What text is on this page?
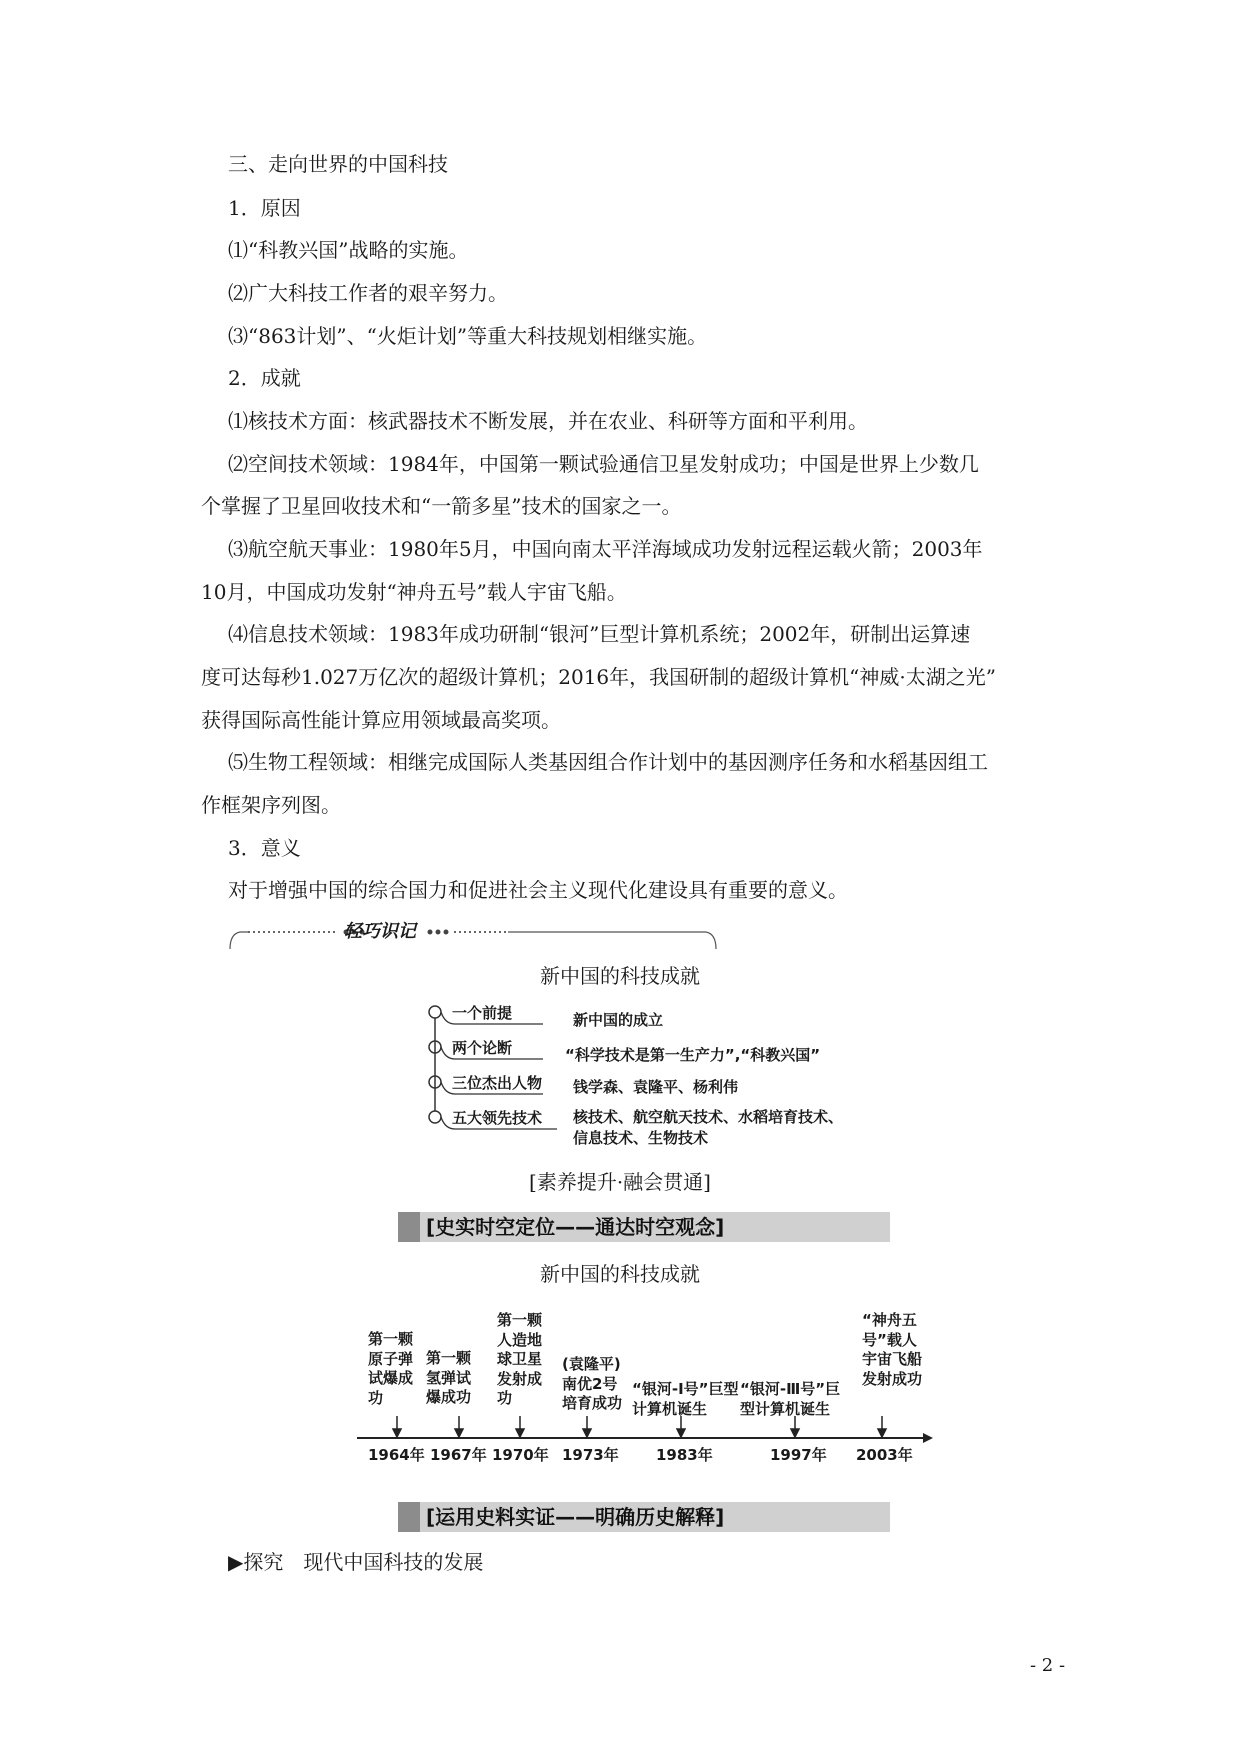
三、走向世界的中国科技
1．原因
⑴“科教兴国”战略的实施。
⑵广大科技工作者的艰辛努力。
⑶“863计划”、“火炬计划”等重大科技规划相继实施。
2．成就
⑴核技术方面：核武器技术不断发展，并在农业、科研等方面和平利用。
⑵空间技术领域：1984年，中国第一颗试验通信卫星发射成功；中国是世界上少数几
个掌握了卫星回收技术和“一箭多星”技术的国家之一。
⑶航空航天事业：1980年5月，中国向南太平洋海域成功发射远程运载火箭；2003年
10月，中国成功发射“神舟五号”载人宇宙飞船。
⑷信息技术领域：1983年成功研制“银河”巨型计算机系统；2002年，研制出运算速
度可达每秒1.027万亿次的超级计算机；2016年，我国研制的超级计算机“神威·太湖之光”
获得国际高性能计算应用领域最高奖项。
⑸生物工程领域：相继完成国际人类基因组合作计划中的基因测序任务和水稻基因组工
作框架序列图。
3．意义
对于增强中国的综合国力和促进社会主义现代化建设具有重要的意义。
轻巧识记
新中国的科技成就
一个前提
两个论断
三位杰出人物
五大领先技术
新中国的成立
“科学技术是第一生产力”,“科教兴国”
钱学森、袁隆平、杨利伟
核技术、航空航天技术、水稻培育技术、
信息技术、生物技术
[素养提升·融会贯通]
[史实时空定位——通达时空观念]
新中国的科技成就
第一颗原子弹试爆成功
第一颗氢弹试爆成功
第一颗人造地球卫星发射成功
(袁隆平)南优2号培育成功
“银河-Ⅰ号”巨型计算机诞生
“银河-Ⅲ号”巨型计算机诞生
“神舟五号”载人宇宙飞船发射成功
1964年 1967年 1970年 1973年 1983年	1997年 2003年
[运用史料实证——明确历史解释]
▶探究　现代中国科技的发展
- 2 -
